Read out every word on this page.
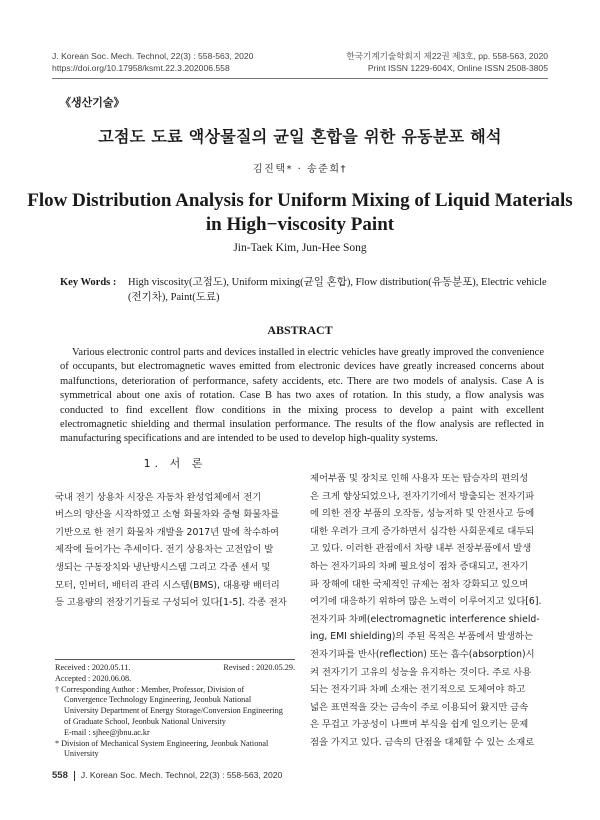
J. Korean Soc. Mech. Technol, 22(3) : 558-563, 2020
https://doi.org/10.17958/ksmt.22.3.202006.558
한국기계기술학회지 제22권 제3호, pp. 558-563, 2020
Print ISSN 1229-604X, Online ISSN 2508-3805
《생산기술》
고점도 도료 액상물질의 균일 혼합을 위한 유동분포 해석
김진택* · 송준희†
Flow Distribution Analysis for Uniform Mixing of Liquid Materials
in High−viscosity Paint
Jin-Taek Kim, Jun-Hee Song
Key Words : High viscosity(고점도), Uniform mixing(균일 혼합), Flow distribution(유동분포), Electric vehicle
(전기차), Paint(도료)
ABSTRACT

Various electronic control parts and devices installed in electric vehicles have greatly improved the convenience of occupants, but electromagnetic waves emitted from electronic devices have greatly increased concerns about malfunctions, deterioration of performance, safety accidents, etc. There are two models of analysis. Case A is symmetrical about one axis of rotation. Case B has two axes of rotation. In this study, a flow analysis was conducted to find excellent flow conditions in the mixing process to develop a paint with excellent electromagnetic shielding and thermal insulation performance. The results of the flow analysis are reflected in manufacturing specifications and are intended to be used to develop high-quality systems.

1. 서 론
국내 전기 상용차 시장은 자동차 완성업체에서 전기
버스의 양산을 시작하였고 소형 화물차와 중형 화물차를
기반으로 한 전기 화물차 개발을 2017년 말에 착수하여
제작에 들어가는 추세이다. 전기 상용차는 고전압이 발
생되는 구동장치와 냉난방시스템 그리고 각종 센서 및
모터, 인버터, 배터리 관리 시스템(BMS), 대용량 배터리
등 고용량의 전장기기들로 구성되어 있다[1-5]. 각종 전자
제어부품 및 장치로 인해 사용자 또는 탑승자의 편의성
은 크게 향상되었으나, 전자기기에서 방출되는 전자기파
에 의한 전장 부품의 오작동, 성능저하 및 안전사고 등에
대한 우려가 크게 증가하면서 심각한 사회문제로 대두되
고 있다. 이러한 관점에서 차량 내부 전장부품에서 발생
하는 전자기파의 차폐 필요성이 점차 증대되고, 전자기
파 장해에 대한 국제적인 규제는 점차 강화되고 있으며
여기에 대응하기 위하여 많은 노력이 이루어지고 있다[6].
전자기파 차폐(electromagnetic interference shield-
ing, EMI shielding)의 주된 목적은 부품에서 발생하는
전자기파를 반사(reflection) 또는 흡수(absorption)시
켜 전자기기 고유의 성능을 유지하는 것이다. 주로 사용
되는 전자기파 차폐 소재는 전기적으로 도체여야 하고
넓은 표면적을 갖는 금속이 주로 이용되어 왔지만 금속
은 무겁고 가공성이 나쁘며 부식을 쉽게 일으키는 문제
점을 가지고 있다. 금속의 단점을 대체할 수 있는 소재로
Received : 2020.05.11.	Revised : 2020.05.29.
Accepted : 2020.06.08.
† Corresponding Author : Member, Professor, Division of
Convergence Technology Engineering, Jeonbuk National
University Department of Energy Storage/Conversion Engineering
of Graduate School, Jeonbuk National University
E-mail : sjhee@jbnu.ac.kr
* Division of Mechanical System Engineering, Jeonbuk National
University
558 J. Korean Soc. Mech. Technol, 22(3) : 558-563, 2020
